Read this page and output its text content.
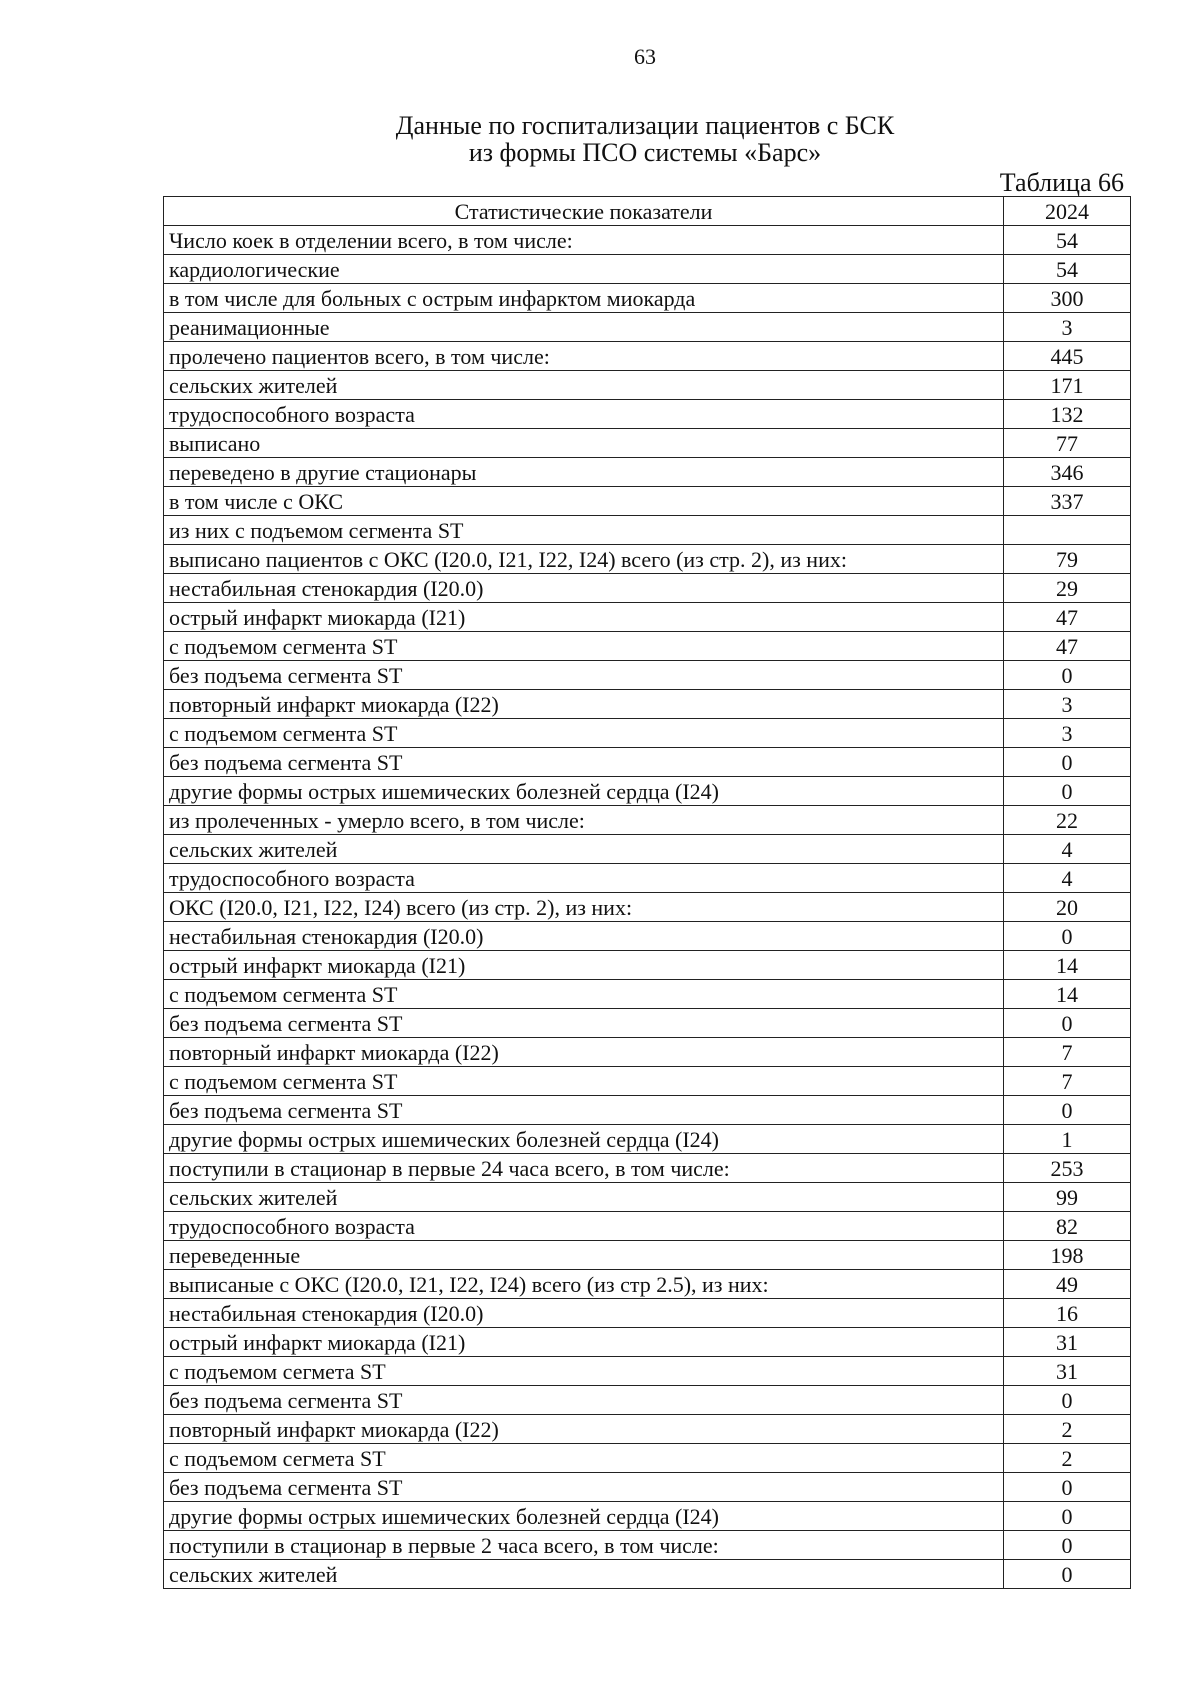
63
Данные по госпитализации пациентов с БСК
из формы ПСО системы «Барс»
Таблица 66
Статистические показатели	2024
Число коек в отделении всего, в том числе:	54
кардиологические	54
в том числе для больных с острым инфарктом миокарда	300
реанимационные	3
пролечено пациентов всего, в том числе:	445
сельских жителей	171
трудоспособного возраста	132
выписано	77
переведено в другие стационары	346
в том числе с ОКС	337
из них с подъемом сегмента ST	
выписано пациентов с ОКС (I20.0, I21, I22, I24) всего (из стр. 2), из них:	79
нестабильная стенокардия (I20.0)	29
острый инфаркт миокарда (I21)	47
с подъемом сегмента ST	47
без подъема сегмента ST	0
повторный инфаркт миокарда (I22)	3
с подъемом сегмента ST	3
без подъема сегмента ST	0
другие формы острых ишемических болезней сердца (I24)	0
из пролеченных - умерло всего, в том числе:	22
сельских жителей	4
трудоспособного возраста	4
ОКС (I20.0, I21, I22, I24) всего (из стр. 2), из них:	20
нестабильная стенокардия (I20.0)	0
острый инфаркт миокарда (I21)	14
с подъемом сегмента ST	14
без подъема сегмента ST	0
повторный инфаркт миокарда (I22)	7
с подъемом сегмента ST	7
без подъема сегмента ST	0
другие формы острых ишемических болезней сердца (I24)	1
поступили в стационар в первые 24 часа всего, в том числе:	253
сельских жителей	99
трудоспособного возраста	82
переведенные	198
выписаные с ОКС (I20.0, I21, I22, I24) всего (из стр 2.5), из них:	49
нестабильная стенокардия (I20.0)	16
острый инфаркт миокарда (I21)	31
с подъемом сегмета ST	31
без подъема сегмента ST	0
повторный инфаркт миокарда (I22)	2
с подъемом сегмета ST	2
без подъема сегмента ST	0
другие формы острых ишемических болезней сердца (I24)	0
поступили в стационар в первые 2 часа всего, в том числе:	0
сельских жителей	0
